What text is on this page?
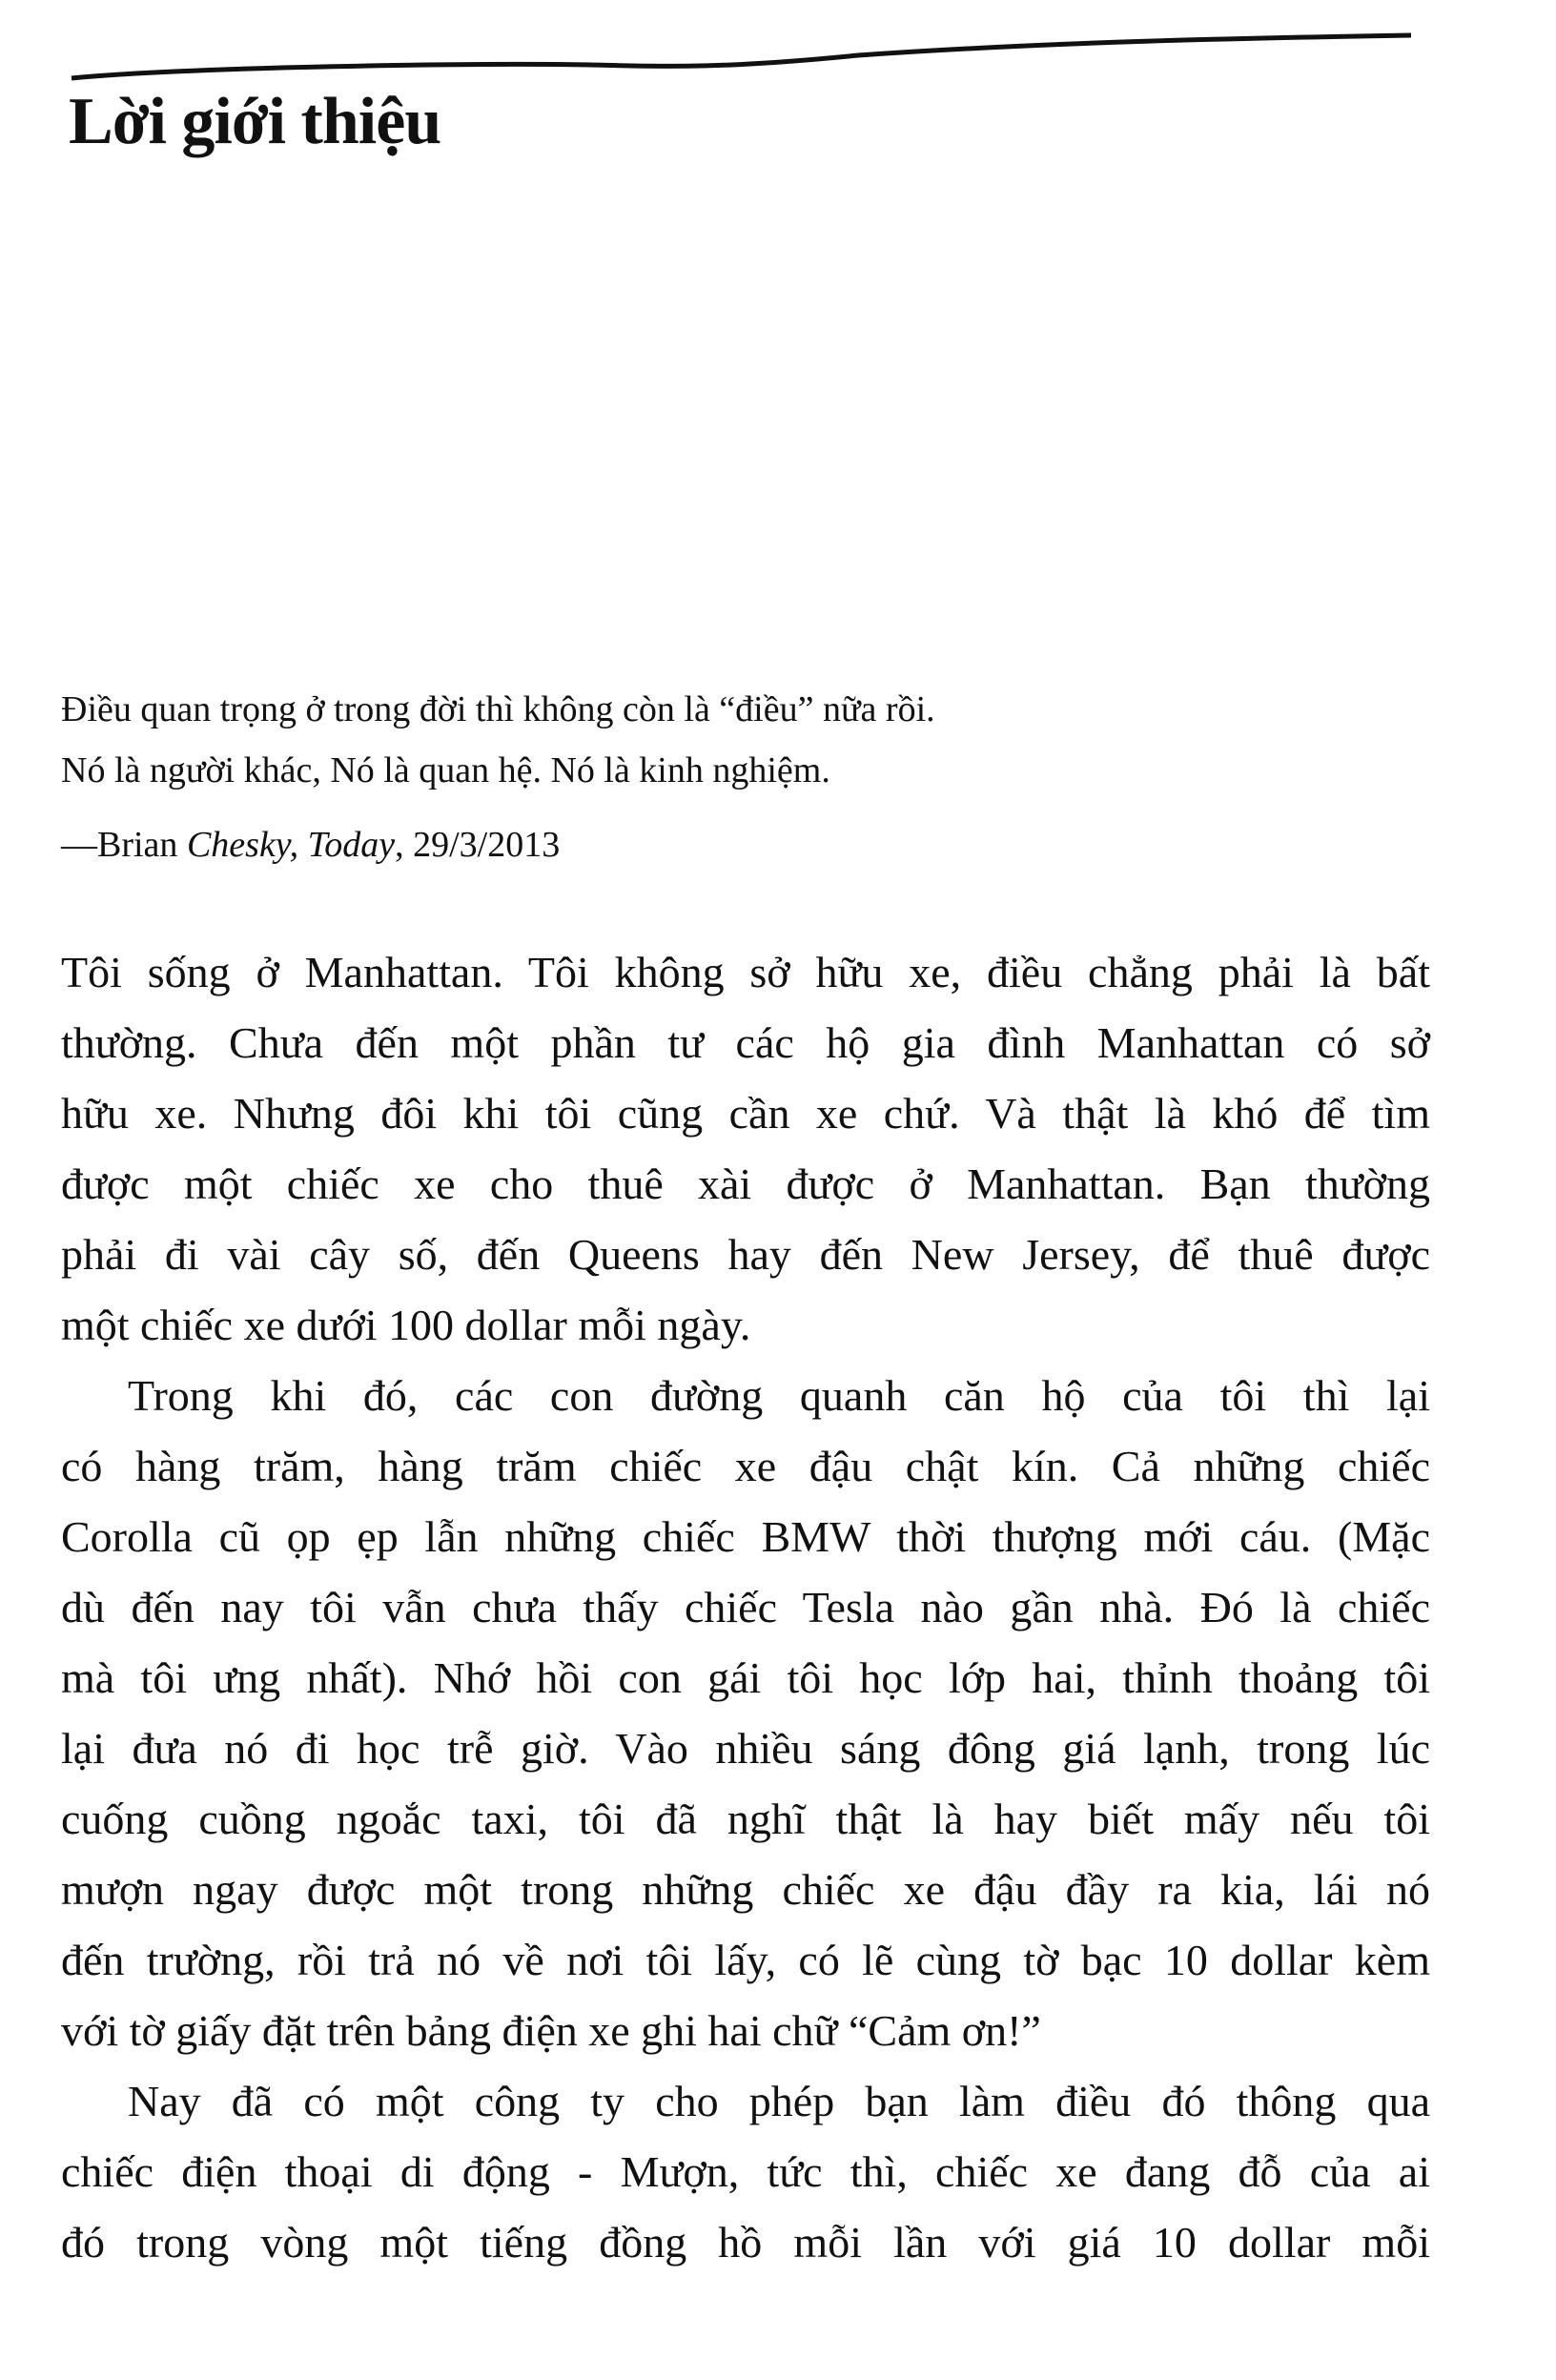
Lời giới thiệu
Điều quan trọng ở trong đời thì không còn là “điều” nữa rồi.
Nó là người khác, Nó là quan hệ. Nó là kinh nghiệm.
—Brian Chesky, Today, 29/3/2013
Tôi sống ở Manhattan. Tôi không sở hữu xe, điều chẳng phải là bất
thường. Chưa đến một phần tư các hộ gia đình Manhattan có sở
hữu xe. Nhưng đôi khi tôi cũng cần xe chứ. Và thật là khó để tìm
được một chiếc xe cho thuê xài được ở Manhattan. Bạn thường
phải đi vài cây số, đến Queens hay đến New Jersey, để thuê được
một chiếc xe dưới 100 dollar mỗi ngày.
Trong khi đó, các con đường quanh căn hộ của tôi thì lại
có hàng trăm, hàng trăm chiếc xe đậu chật kín. Cả những chiếc
Corolla cũ ọp ẹp lẫn những chiếc BMW thời thượng mới cáu. (Mặc
dù đến nay tôi vẫn chưa thấy chiếc Tesla nào gần nhà. Đó là chiếc
mà tôi ưng nhất). Nhớ hồi con gái tôi học lớp hai, thỉnh thoảng tôi
lại đưa nó đi học trễ giờ. Vào nhiều sáng đông giá lạnh, trong lúc
cuống cuồng ngoắc taxi, tôi đã nghĩ thật là hay biết mấy nếu tôi
mượn ngay được một trong những chiếc xe đậu đầy ra kia, lái nó
đến trường, rồi trả nó về nơi tôi lấy, có lẽ cùng tờ bạc 10 dollar kèm
với tờ giấy đặt trên bảng điện xe ghi hai chữ “Cảm ơn!”
Nay đã có một công ty cho phép bạn làm điều đó thông qua
chiếc điện thoại di động - Mượn, tức thì, chiếc xe đang đỗ của ai
đó trong vòng một tiếng đồng hồ mỗi lần với giá 10 dollar mỗi
